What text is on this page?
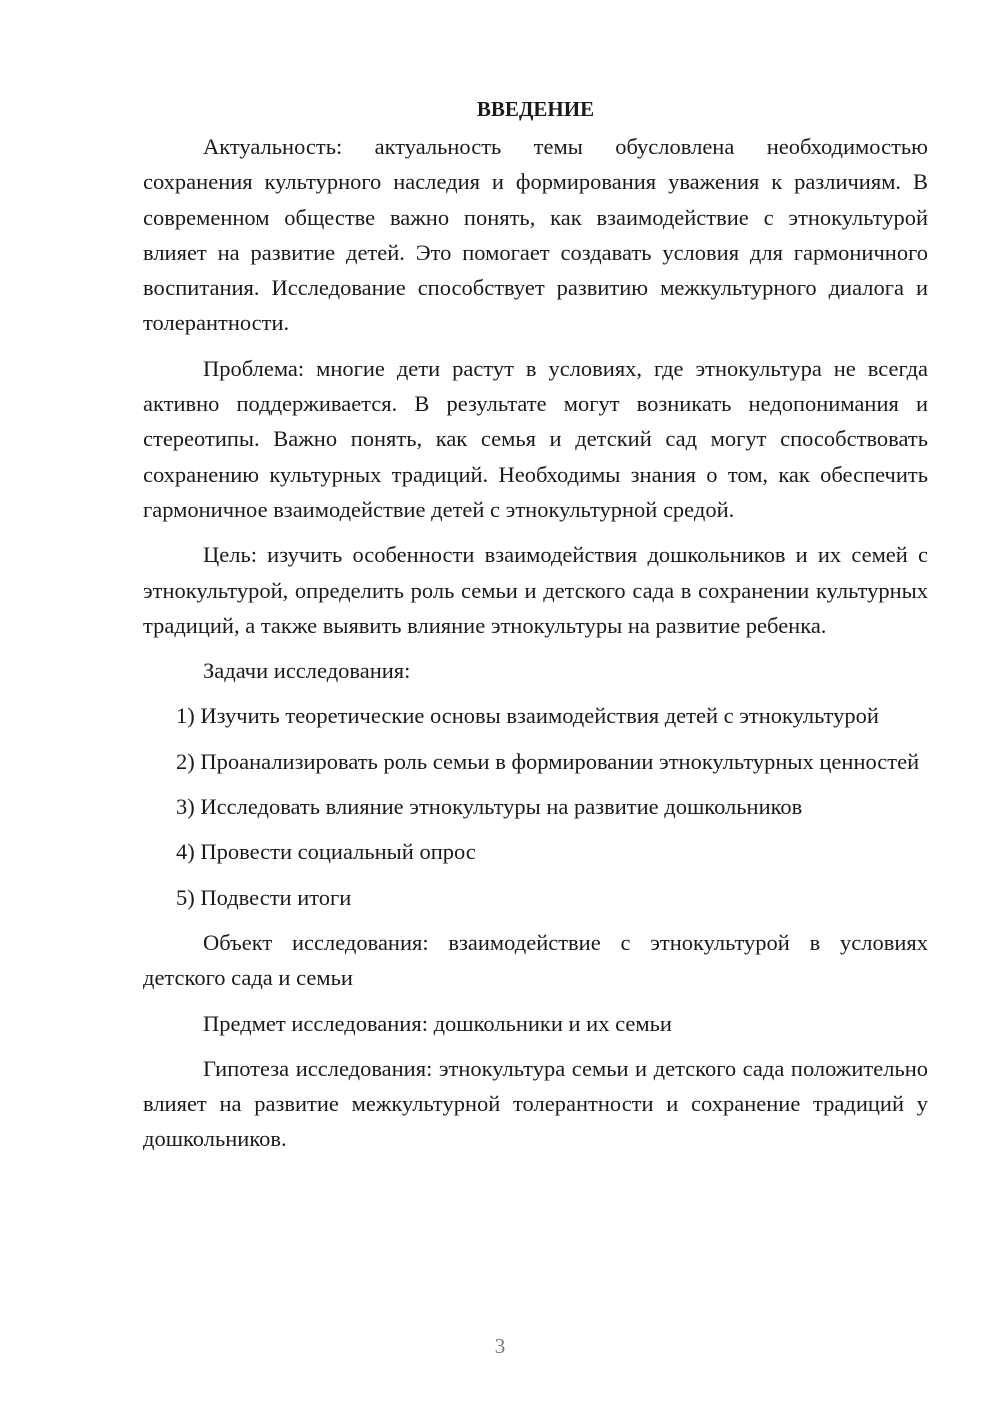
ВВЕДЕНИЕ

Актуальность: актуальность темы обусловлена необходимостью сохранения культурного наследия и формирования уважения к различиям. В современном обществе важно понять, как взаимодействие с этнокультурой влияет на развитие детей. Это помогает создавать условия для гармоничного воспитания. Исследование способствует развитию межкультурного диалога и толерантности.

Проблема: многие дети растут в условиях, где этнокультура не всегда активно поддерживается. В результате могут возникать недопонимания и стереотипы. Важно понять, как семья и детский сад могут способствовать сохранению культурных традиций. Необходимы знания о том, как обеспечить гармоничное взаимодействие детей с этнокультурной средой.

Цель: изучить особенности взаимодействия дошкольников и их семей с этнокультурой, определить роль семьи и детского сада в сохранении культурных традиций, а также выявить влияние этнокультуры на развитие ребенка.

Задачи исследования:

1) Изучить теоретические основы взаимодействия детей с этнокультурой

2) Проанализировать роль семьи в формировании этнокультурных ценностей

3) Исследовать влияние этнокультуры на развитие дошкольников

4) Провести социальный опрос

5) Подвести итоги

Объект исследования: взаимодействие с этнокультурой в условиях детского сада и семьи

Предмет исследования: дошкольники и их семьи

Гипотеза исследования: этнокультура семьи и детского сада положительно влияет на развитие межкультурной толерантности и сохранение традиций у дошкольников.

3
